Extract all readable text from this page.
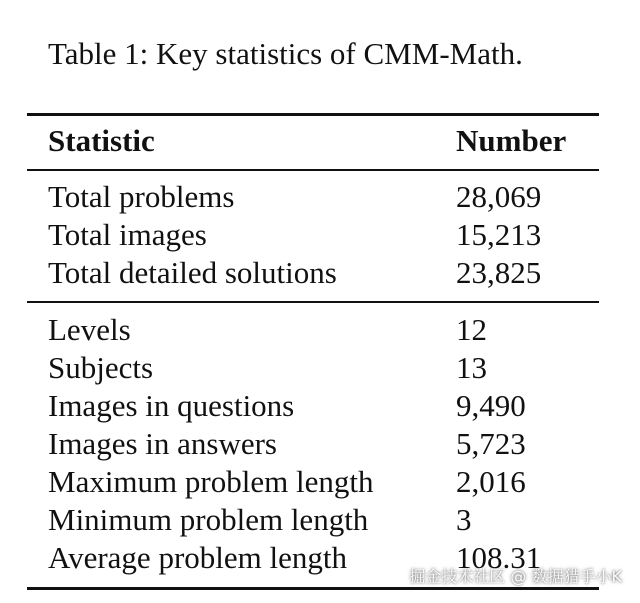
Table 1: Key statistics of CMM-Math.
Statistic	Number
Total problems	28,069
Total images	15,213
Total detailed solutions	23,825
Levels	12
Subjects	13
Images in questions	9,490
Images in answers	5,723
Maximum problem length	2,016
Minimum problem length	3
Average problem length	108.31
掘金技术社区 @ 数据猎手小K
